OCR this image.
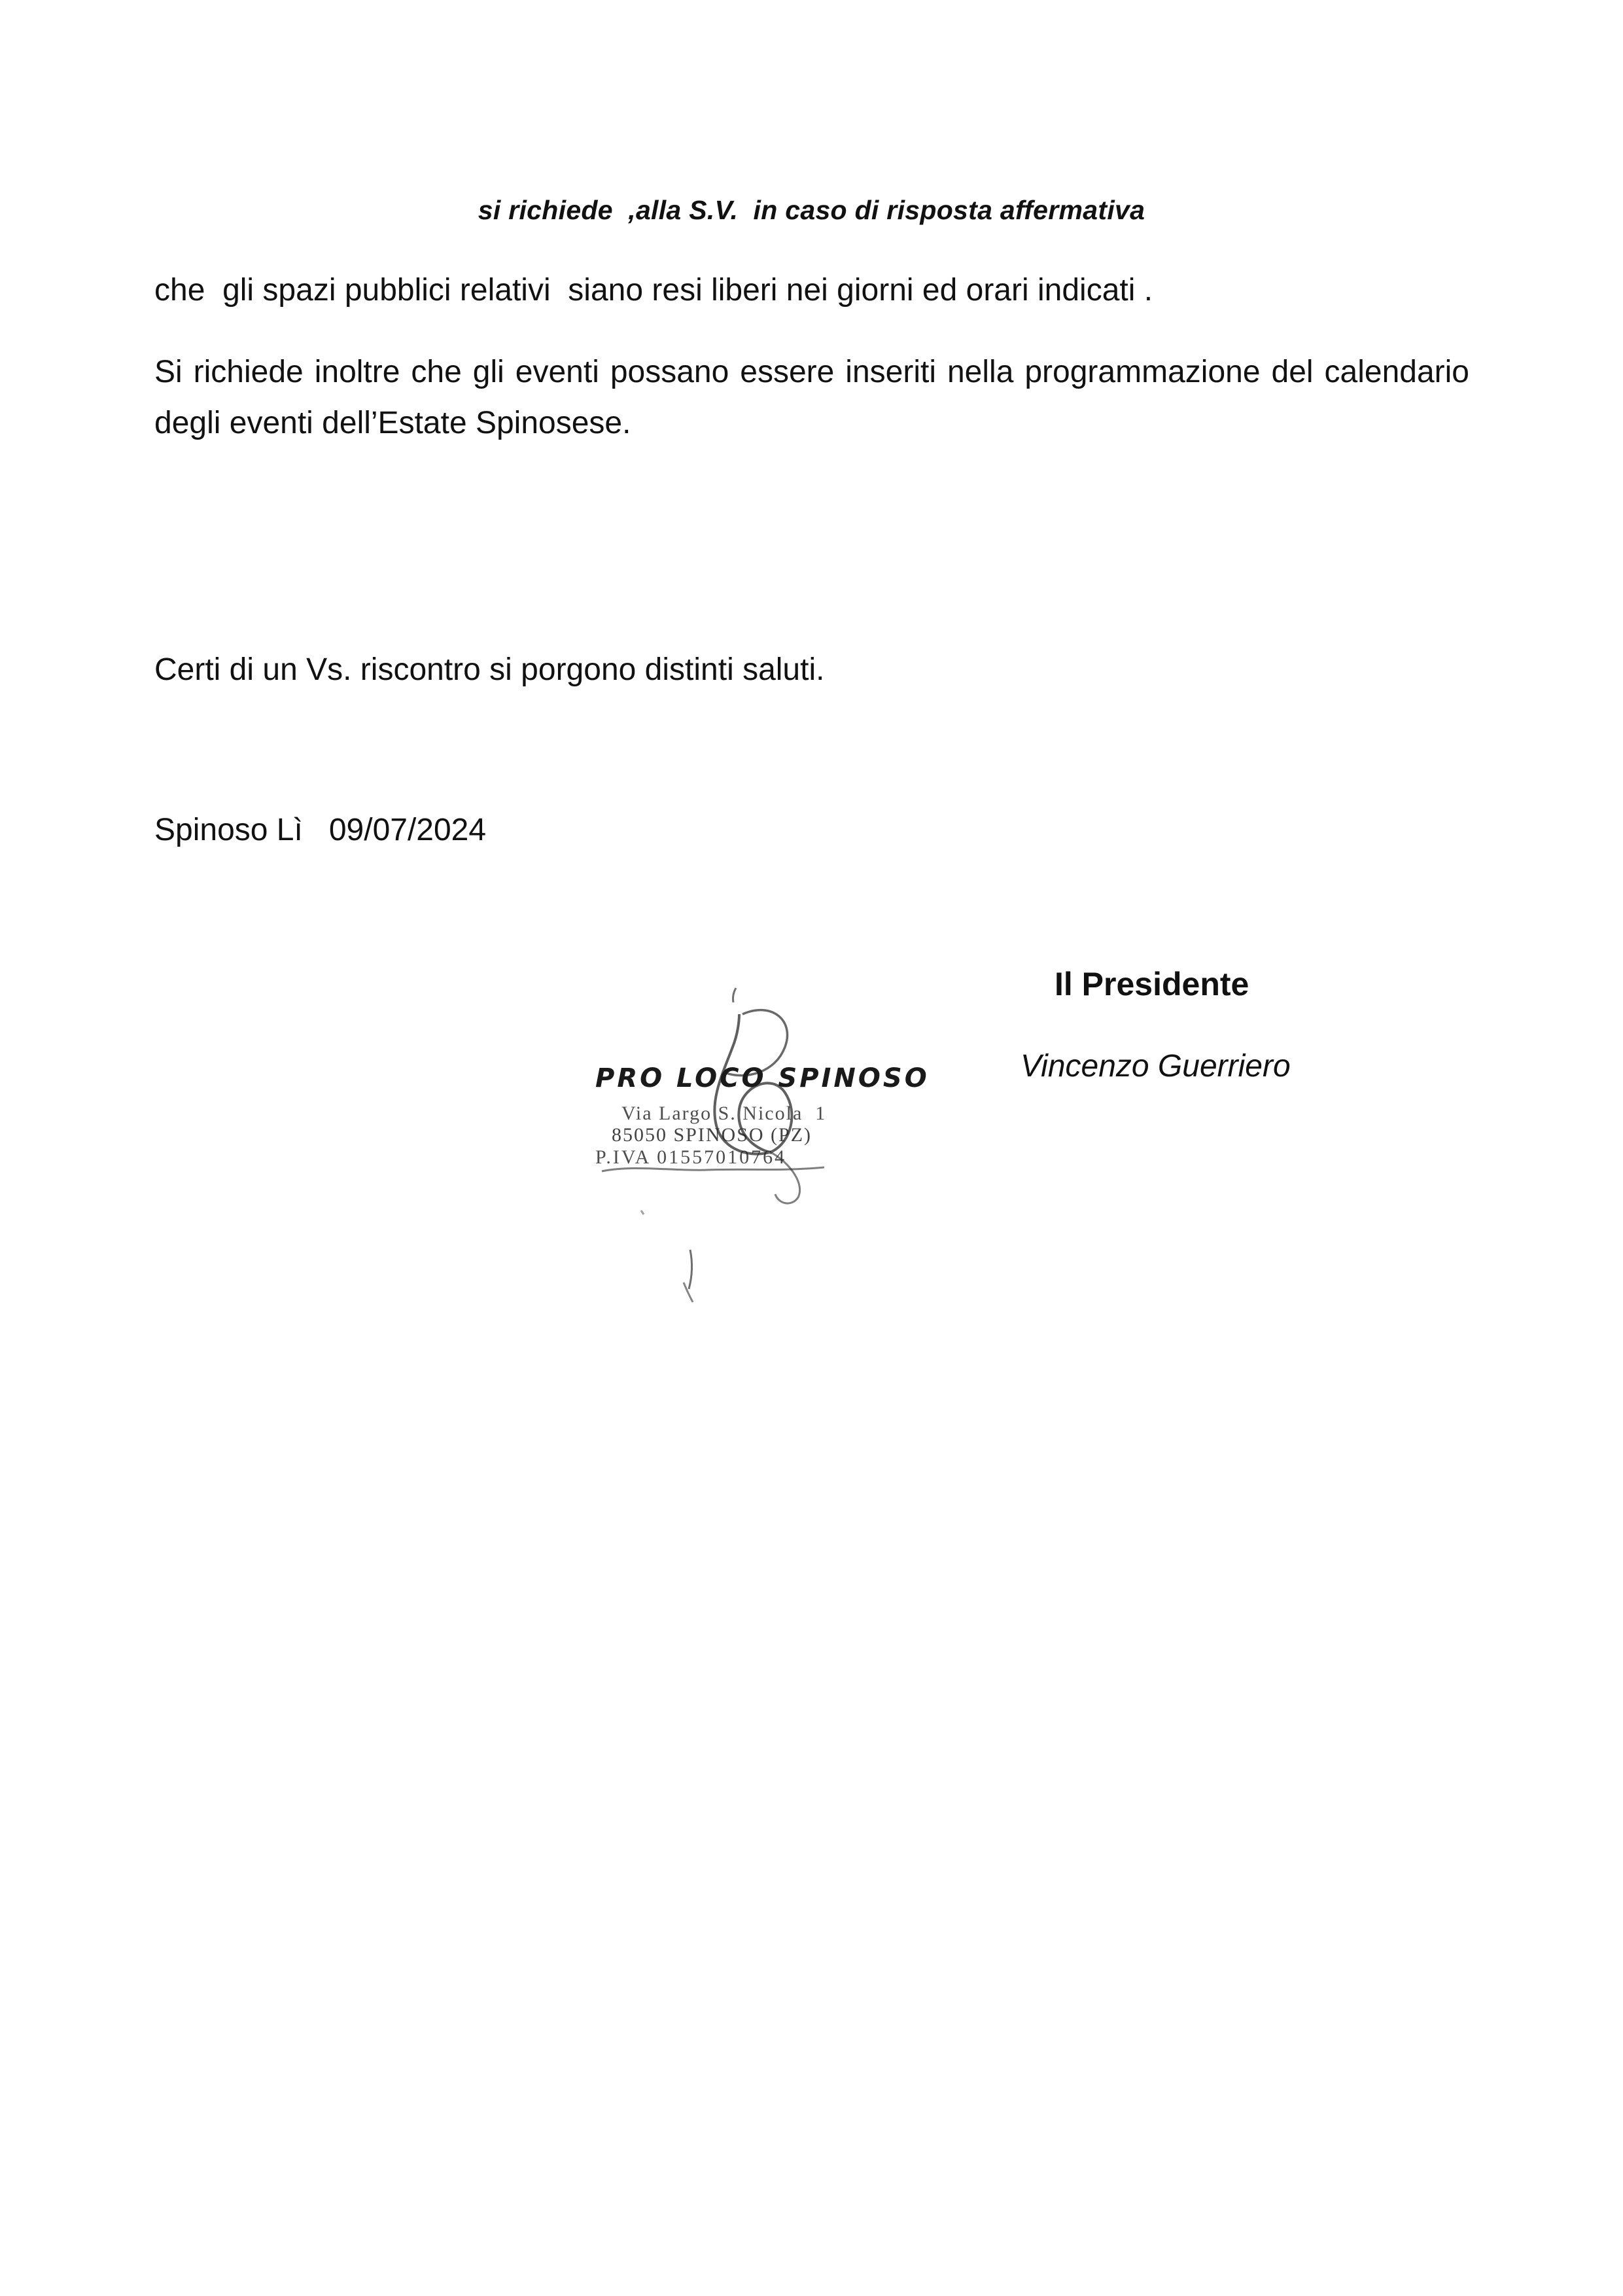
si richiede  ,alla S.V.  in caso di risposta affermativa

che  gli spazi pubblici relativi  siano resi liberi nei giorni ed orari indicati .

Si richiede inoltre che gli eventi possano essere inseriti nella programmazione del calendario degli eventi dell’Estate Spinosese.

Certi di un Vs. riscontro si porgono distinti saluti.

Spinoso Lì   09/07/2024

PRO LOCO SPINOSO
Via Largo S. Nicola  1
85050 SPINOSO (PZ)
P.IVA 01557010764
Il Presidente
Vincenzo Guerriero
